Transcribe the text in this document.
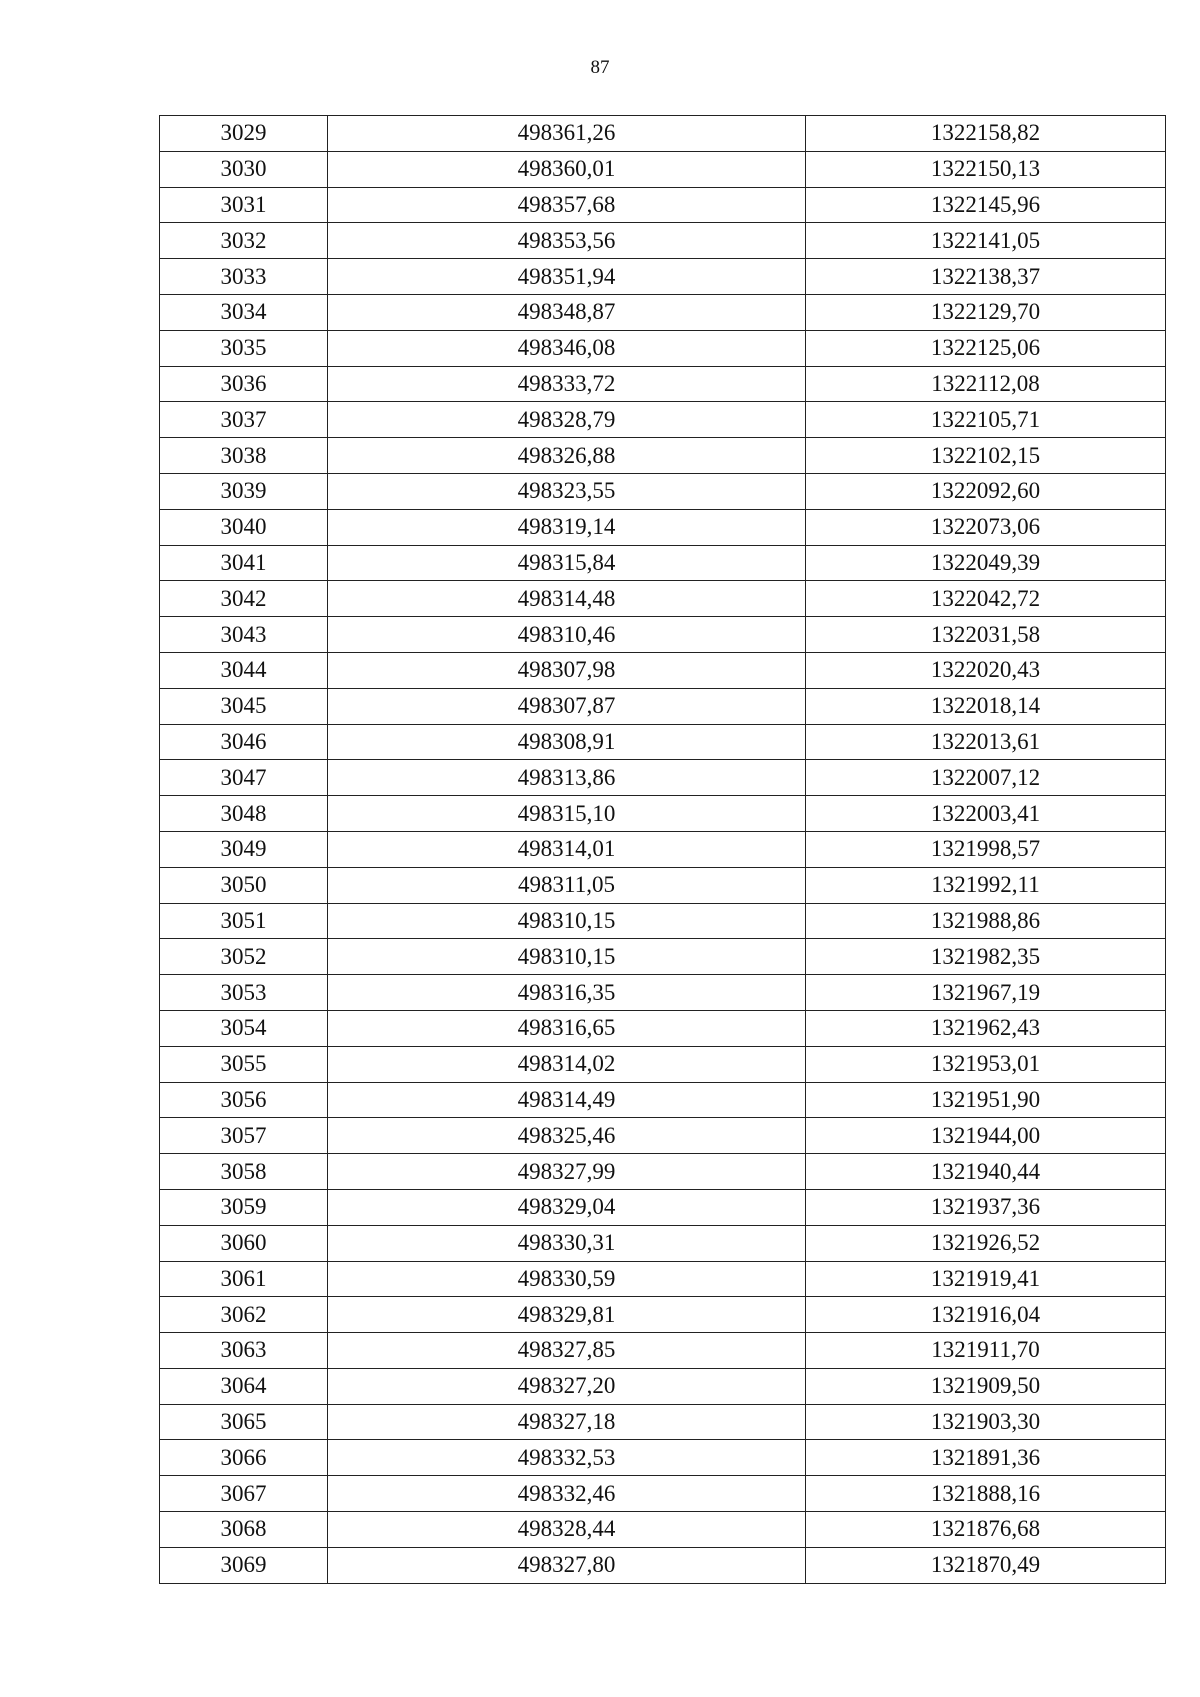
87
3029	498361,26	1322158,82
3030	498360,01	1322150,13
3031	498357,68	1322145,96
3032	498353,56	1322141,05
3033	498351,94	1322138,37
3034	498348,87	1322129,70
3035	498346,08	1322125,06
3036	498333,72	1322112,08
3037	498328,79	1322105,71
3038	498326,88	1322102,15
3039	498323,55	1322092,60
3040	498319,14	1322073,06
3041	498315,84	1322049,39
3042	498314,48	1322042,72
3043	498310,46	1322031,58
3044	498307,98	1322020,43
3045	498307,87	1322018,14
3046	498308,91	1322013,61
3047	498313,86	1322007,12
3048	498315,10	1322003,41
3049	498314,01	1321998,57
3050	498311,05	1321992,11
3051	498310,15	1321988,86
3052	498310,15	1321982,35
3053	498316,35	1321967,19
3054	498316,65	1321962,43
3055	498314,02	1321953,01
3056	498314,49	1321951,90
3057	498325,46	1321944,00
3058	498327,99	1321940,44
3059	498329,04	1321937,36
3060	498330,31	1321926,52
3061	498330,59	1321919,41
3062	498329,81	1321916,04
3063	498327,85	1321911,70
3064	498327,20	1321909,50
3065	498327,18	1321903,30
3066	498332,53	1321891,36
3067	498332,46	1321888,16
3068	498328,44	1321876,68
3069	498327,80	1321870,49
